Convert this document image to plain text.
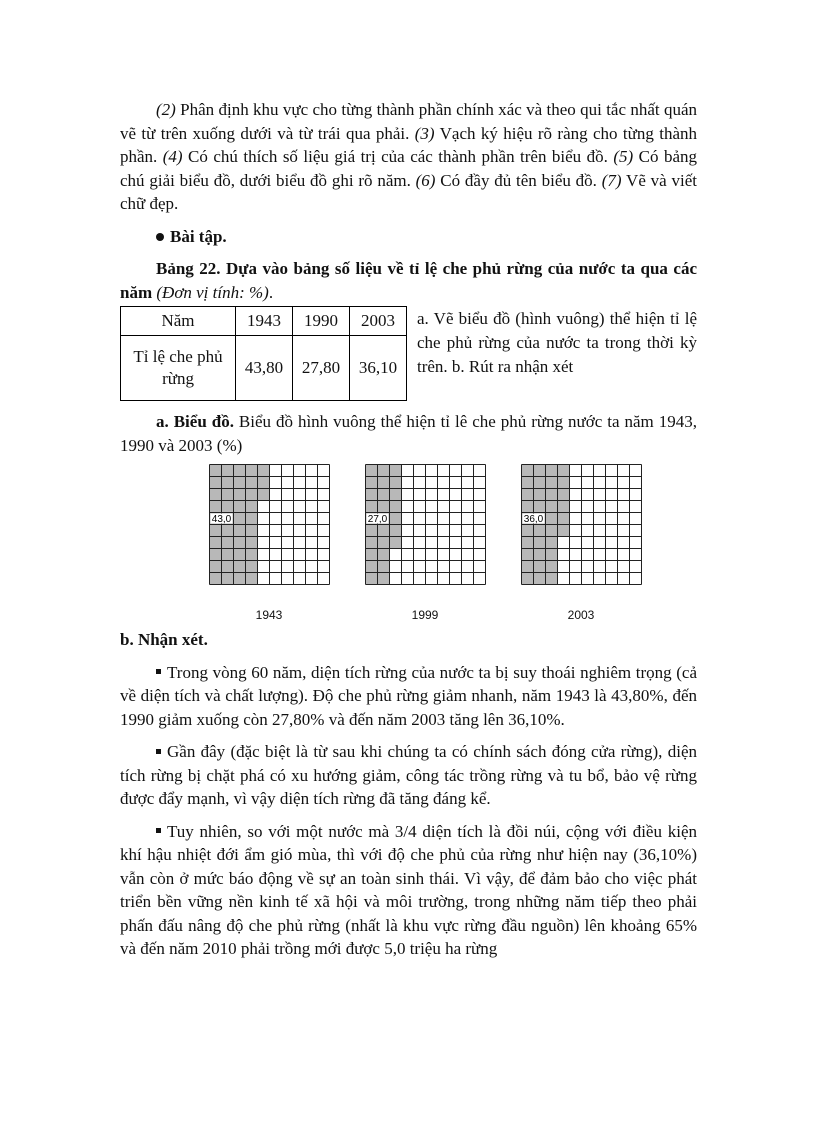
(2) Phân định khu vực cho từng thành phần chính xác và theo qui tắc nhất quán vẽ từ trên xuống dưới và từ trái qua phải. (3) Vạch ký hiệu rõ ràng cho từng thành phần. (4) Có chú thích số liệu giá trị của các thành phần trên biểu đồ. (5) Có bảng chú giải biểu đồ, dưới biểu đồ ghi rõ năm. (6) Có đầy đủ tên biểu đồ. (7) Vẽ và viết chữ đẹp.

Bài tập.

Bảng 22. Dựa vào bảng số liệu về tỉ lệ che phủ rừng của nước ta qua các năm (Đơn vị tính: %).

Năm	1943	1990	2003
Tỉ lệ che phủ rừng	43,80	27,80	36,10
a. Vẽ biểu đồ (hình vuông) thể hiện tỉ lệ che phủ rừng của nước ta trong thời kỳ trên. b. Rút ra nhận xét

a. Biểu đồ. Biểu đồ hình vuông thể hiện tỉ lê che phủ rừng nước ta năm 1943, 1990 và 2003 (%)

43,0
1943
27,0
1999
36,0
2003

b. Nhận xét.

Trong vòng 60 năm, diện tích rừng của nước ta bị suy thoái nghiêm trọng (cả về diện tích và chất lượng). Độ che phủ rừng giảm nhanh, năm 1943 là 43,80%, đến 1990 giảm xuống còn 27,80% và đến năm 2003 tăng lên 36,10%.

Gần đây (đặc biệt là từ sau khi chúng ta có chính sách đóng cửa rừng), diện tích rừng bị chặt phá có xu hướng giảm, công tác trồng rừng và tu bổ, bảo vệ rừng được đẩy mạnh, vì vậy diện tích rừng đã tăng đáng kể.

Tuy nhiên, so với một nước mà 3/4 diện tích là đồi núi, cộng với điều kiện khí hậu nhiệt đới ẩm gió mùa, thì với độ che phủ của rừng như hiện nay (36,10%) vẫn còn ở mức báo động về sự an toàn sinh thái. Vì vậy, để đảm bảo cho việc phát triển bền vững nền kinh tế xã hội và môi trường, trong những năm tiếp theo phải phấn đấu nâng độ che phủ rừng (nhất là khu vực rừng đầu nguồn) lên khoảng 65% và đến năm 2010 phải trồng mới được 5,0 triệu ha rừng
